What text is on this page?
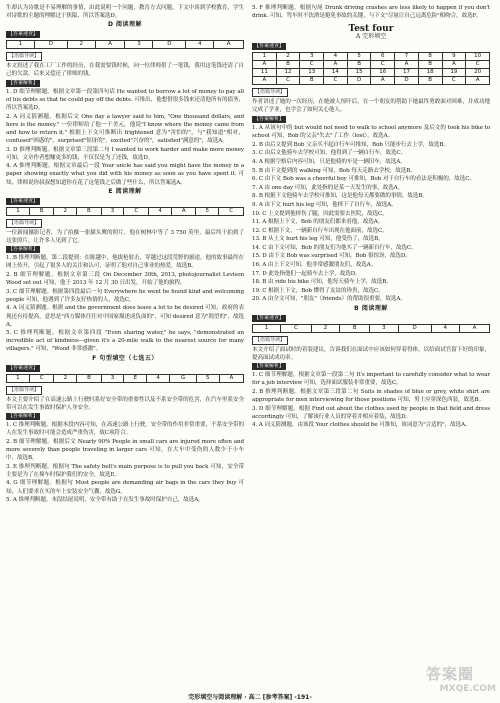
生却认为诗歌是不易理解的事情，由此说明一个问题，教育方式问题。下文中谈到学校教育，学生对诗歌的主题的理解过于狭隘，所以答案选D。
D 阅读理解
【答案速查】
1	D	2	A	3	D	4	A
【语篇导读】
本文叙述了我在工厂工作的经历，在我需要钱时候，向一位律师借了一笔钱，我用这笔钱还清了自己的欠款，后来又偿还了律师的钱。
【答案解析】
1. D 细节理解题。根据文章第一段第四句话 He wanted to borrow a lot of money to pay all of his debts so that he could pay off the debts. 可推出，他想借很多钱来还清他所有的债务，所以答案选D。
2. A 词义猜测题。根据后文 One day a lawyer said to him, "One thousand dollars, and here is the money." 一位律师给了他一千美元，他说"I know where the money came from and how to return it." 根据上下文可推断出 frightened 意为"害怕的"，与"我知道"相对，confused"困惑的"，surprised"惊讶的"，excited"兴奋的"，satisfied"满意的"，故选A。
3. D 推理判断题。根据文章第三段第二句 I wanted to work harder and make more money 可知，文章作者想赚更多的钱，不仅仅是为了还钱，故选D。
4. A 推理判断题。根据文章最后一段 Your uncle has said you might have the money in a paper showing exactly what you did with his money as soon as you have spent it. 可知，律师说你叔叔想知道你在花了这笔钱之后做了些什么，所以答案选A。
E 阅读理解
【答案速查】
1	B	2	B	3	C	4	A	5	C
【语篇导读】
一位新闻摄影记者，为了拍摄一张猫头鹰的照片，他在树林中等了 3 750 英里，最后终于拍到了这张照片，让许多人见到了它。
【答案解析】
1. B 推理判断题。第二段提到：在陈越中，他拔枪射击，穿越过这段荒野的旅途，他的故事最终在网上传开，引起了很多人的关注和认可，证明了他对自己事业的热爱，故选B。
2. B 细节理解题。根据文章第三段 On December 30th, 2013, photojournalist Levison Wood set out 可知，他于 2013 年 12 月 30 日出发，开始了他的旅程。
3. C 细节理解题。根据第四段最后一句 Everywhere he went he found kind and welcoming people 可知，他遇到了许多友好热情的人，故选C。
4. A 词义猜测题。根据 and the government does leave a lot to be desired 可知，政府的表现还有待提高，意思是"西方媒体往往对中国家描述成负面的"，可知 desired 意为"渴望的"，故选A。
5. C 推理判断题。根据文章第四段 "Even sharing water," he says, "demonstrated an incredible act of kindness—given it's a 20-mile walk to the nearest source for many villagers." 可知，"Wood 非常感激"。
F 句型填空（七选五）
【答案速查】
1	C	2	B	3	E	4	G	5	A
【语篇导读】
本文主要介绍了在高速公路上行驶时系好安全带的重要性以及不系安全带的危害，在汽车里系安全带可以在发生事故时保护人身安全。
【答案解析】
1. C 推理判断题。根据本段内容可知，在高速公路上行驶，安全带的作用非常重要，不系安全带的人在发生事故时可能会造成严重伤害，故C项符合。
2. B 细节理解题。根据后文 Nearly 90% People in small cars are injured more often and more severely than people traveling in larger cars 可知，在大车中受伤的人数少于小车中，故选B。
3. E 推理判断题。根据句 The safety belt's main purpose is to pull you back 可知，安全带主要是为了在撞车时保护我们的安全，故选E。
4. G 细节理解题。根据句 Most people are demanding air bags in the cars they buy 可知，人们要求在买的车上安装安全气囊，故选G。
5. A 推理判断题。本段结尾说明，安全带有助于在发生事故时保护自己，故选A。
5. F 推理判断题。根据句尾 Drunk driving crashes are less likely to happen if you don't drink. 可知，驾车时不饮酒是避免事故的关键，与下文"尽量让自己远离危险"相吻合，故选F。
Test four
A 完形填空
【答案速查】
1	2	3	4	5	6	7	8	9	10
A	B	C	A	B	C	A	B	A	C
11	12	13	14	15	16	17	18	19	20
A	C	B	C	D	A	D	B	C	A
【语篇导读】
作者讲述了她的一次经历，在她被人惊吓后，在一个朋友的帮助下她最终勇敢面对困难，并成功地完成了学业，也学会了如何关心他人。
【答案解析】
1. A 从该句中的 but would not need to walk to school anymore 及后文的 took his bike to school 可知，Bob 的父亲"失去"了工作（lost），故选A。
2. B 由后文提到 Bob 父亲买不起自行车可推知，Bob 只能步行去上学，故选B。
3. C 由后文他骑车去学校可知，他得到了一辆自行车，故选C。
4. A 根据空格后内容可知，只是他骑的车是一辆旧车，故选A。
5. B 由下文提到的 walking 可知，Bob 每天走路去学校，故选B。
6. C 由下文 Bob was a cheerful boy 可推知，Bob 对于自行车的看法是积极的，故选C。
7. A 由 one day 可知，此处指的是某一天发生的事，故选A。
8. B 根据下文他骑车去学校可推知，这是他每天都要做的事情，故选B。
9. A 由下文 hurt his leg 可知，他摔下了自行车，故选A。
10. C 上文提到他摔伤了腿，因此需要去医院，故选C。
11. A 根据上下文，Bob 的朋友们都来看他，故选A。
12. C 根据下文，一辆新自行车出现在他面前，故选C。
13. B 从上文 hurt his leg 可知，他受伤了，故选B。
14. C 由下文可知，Bob 的朋友们为他买了一辆新自行车，故选C。
15. D 由下文 Bob was surprised 可知，Bob 很惊讶，故选D。
16. A 由上下文可知，他非常感激朋友们，故选A。
17. D 此处指他们一起骑车去上学，故选D。
18. B 由 ride his bike 可知，他每天骑车上学，故选B。
19. C 根据上下文，Bob 懂得了友谊的珍贵，故选C。
20. A 由全文可知，"朋友"（friends）的帮助很重要，故选A。
B 阅读理解
【答案速查】
1	C	2	B	3	D	4	A
【语篇导读】
本文介绍了面试时的着装建议，告诉我们在面试中应该如何穿着得体，以给面试官留下好的印象，提高面试成功率。
【答案解析】
1. C 细节理解题。根据文章第一段第二句 It's important to carefully consider what to wear for a job interview 可知，选择面试服装非常重要，故选C。
2. B 推理判断题。根据文章第三段第二句 Suits in shades of blue or grey, white shirt are appropriate for men interviewing for those positions 可知，男士应穿深色西装，故选B。
3. D 细节理解题。根据 Find out about the clothes used by people in that field and dress accordingly 可知，了解该行业人员的穿着并相应着装，故选D。
4. A 词义猜测题。由该段 Your clothes should be 可推知，该词意为"合适的"，故选A。
完形填空与阅读理解 · 高二 [参考答案] -191-
答案圈
MXQE.COM
